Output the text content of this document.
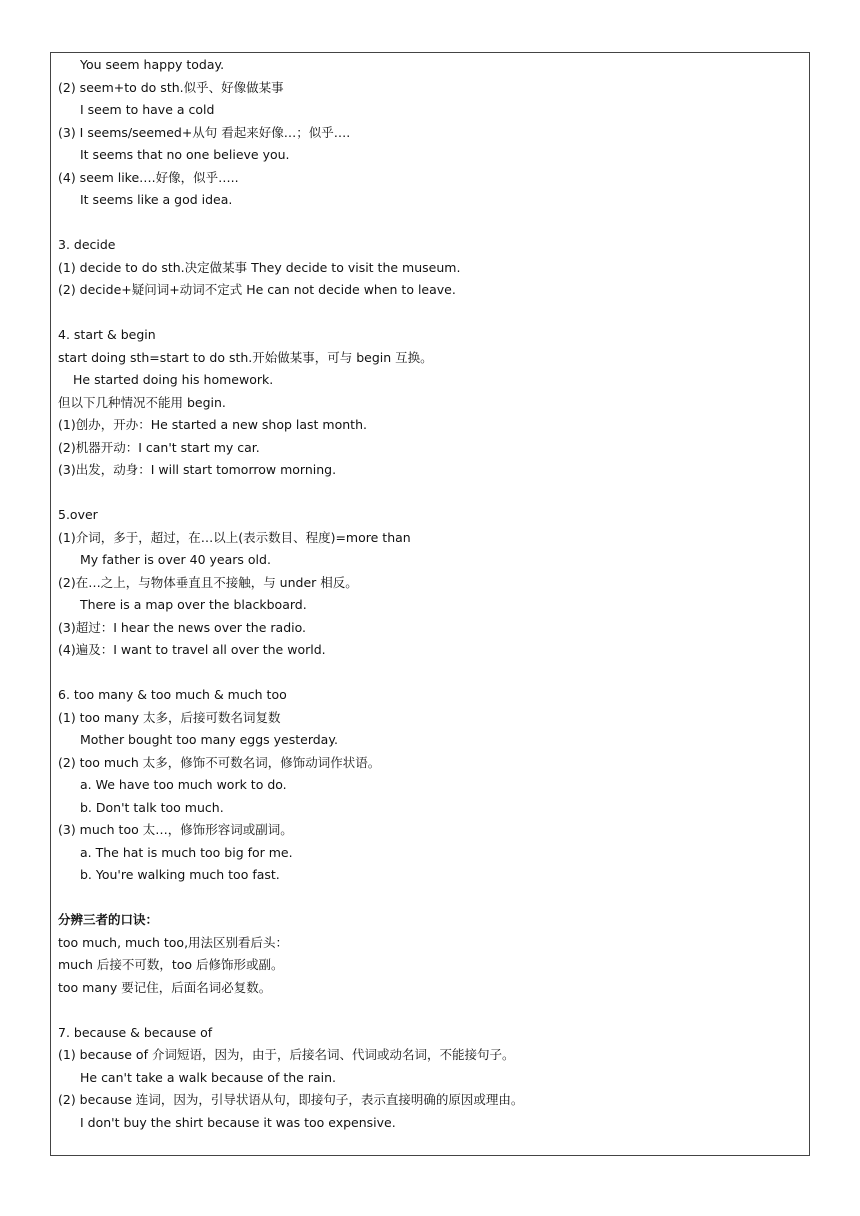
You seem happy today.
(2) seem+to do sth.似乎、好像做某事
I seem to have a cold
(3) I seems/seemed+从句 看起来好像…；似乎….
It seems that no one believe you.
(4) seem like….好像，似乎…..
It seems like a god idea.
3. decide
(1) decide to do sth.决定做某事 They decide to visit the museum.
(2) decide+疑问词+动词不定式 He can not decide when to leave.
4. start & begin
start doing sth=start to do sth.开始做某事，可与 begin 互换。
He started doing his homework.
但以下几种情况不能用 begin.
(1)创办，开办：He started a new shop last month.
(2)机器开动：I can't start my car.
(3)出发，动身：I will start tomorrow morning.
5.over
(1)介词，多于，超过，在…以上(表示数目、程度)=more than
My father is over 40 years old.
(2)在…之上，与物体垂直且不接触，与 under 相反。
There is a map over the blackboard.
(3)超过：I hear the news over the radio.
(4)遍及：I want to travel all over the world.
6. too many & too much & much too
(1) too many 太多，后接可数名词复数
Mother bought too many eggs yesterday.
(2) too much 太多，修饰不可数名词，修饰动词作状语。
a. We have too much work to do.
b. Don't talk too much.
(3) much too 太…，修饰形容词或副词。
a. The hat is much too big for me.
b. You're walking much too fast.
分辨三者的口诀：
too much, much too,用法区别看后头：
much 后接不可数，too 后修饰形或副。
too many 要记住，后面名词必复数。
7. because & because of
(1) because of 介词短语，因为，由于，后接名词、代词或动名词，不能接句子。
He can't take a walk because of the rain.
(2) because 连词，因为，引导状语从句，即接句子，表示直接明确的原因或理由。
I don't buy the shirt because it was too expensive.
